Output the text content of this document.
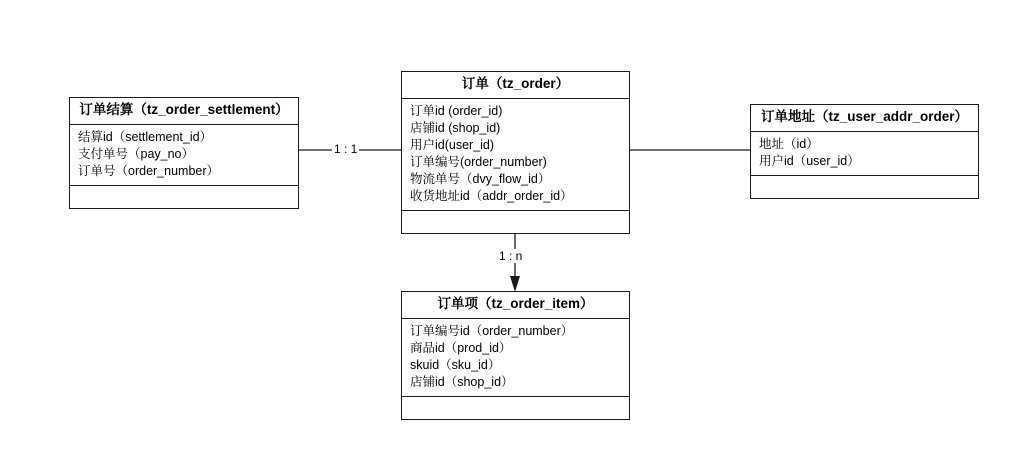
订单结算（tz_order_settlement）
结算id（settlement_id）
支付单号（pay_no）
订单号（order_number）
订单（tz_order）
订单id (order_id)
店铺id (shop_id)
用户id(user_id)
订单编号(order_number)
物流单号（dvy_flow_id）
收货地址id（addr_order_id）
订单地址（tz_user_addr_order）
地址（id）
用户id（user_id）
订单项（tz_order_item）
订单编号id（order_number）
商品id（prod_id）
skuid（sku_id）
店铺id（shop_id）
1 : 1
1 : n
